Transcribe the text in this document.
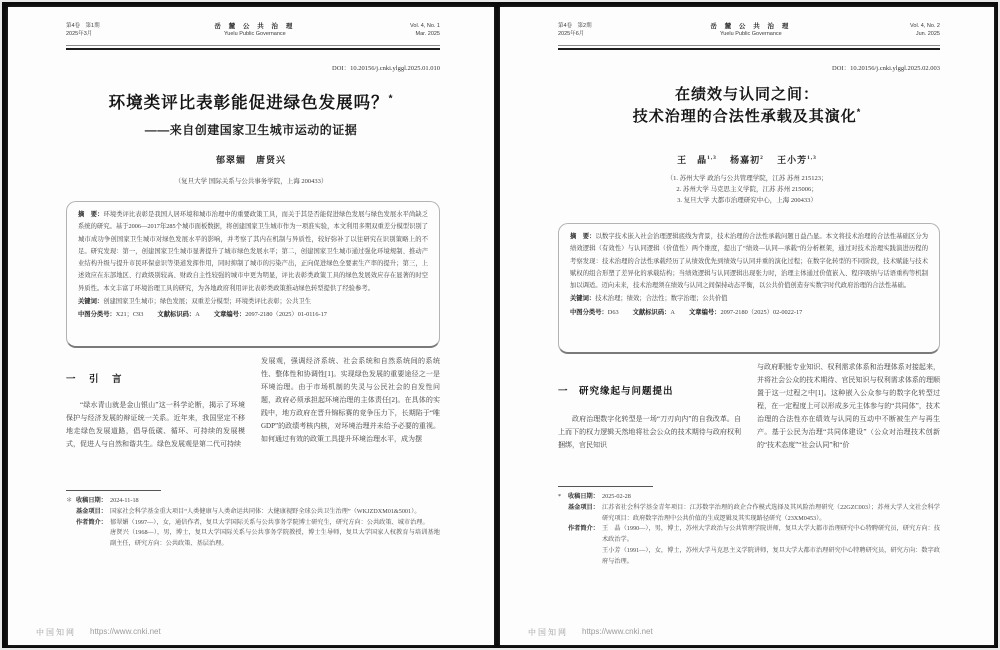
第4卷　第1期
2025年3月
岳 麓 公 共 治 理
Yuelu Public Governance
Vol. 4, No. 1
Mar. 2025
DOI：10.20156/j.cnki.ylggl.2025.01.010
环境类评比表彰能促进绿色发展吗？*
——来自创建国家卫生城市运动的证据
郁翠媚　唐贤兴
（复旦大学 国际关系与公共事务学院，上海 200433）

摘　要：环境类评比表彰是我国人居环境和城市治理中的重要政策工具，而关于其是否能促进绿色发展与绿色发展水平尚缺乏系统的研究。基于2006—2017年285个城市面板数据，将创建国家卫生城市作为一项准实验，本文利用多期双重差分模型识别了城市成功争创国家卫生城市对绿色发展水平的影响，并考察了其内在机制与异质性，较好弥补了以往研究在识别策略上的不足。研究发现：第一，创建国家卫生城市显著提升了城市绿色发展水平；第二，创建国家卫生城市通过强化环境规制、推动产业结构升级与提升市民环保意识等渠道发挥作用，同时抑制了城市的污染产出，正向促进绿色全要素生产率的提升；第三，上述效应在东部地区、行政级别较高、财政自主性较强的城市中更为明显，评比表彰类政策工具的绿色发展效应存在显著的时空异质性。本文丰富了环境治理工具的研究，为各地政府利用评比表彰类政策推动绿色转型提供了经验参考。

关键词：创建国家卫生城市；绿色发展；双重差分模型；环境类评比表彰；公共卫生

中图分类号：X21；C93 文献标识码：A 文章编号：2097-2180（2025）01-0116-17

一　引　言

“绿水青山就是金山银山”这一科学论断，揭示了环境保护与经济发展的辩证统一关系。近年来，我国坚定不移地走绿色发展道路，倡导低碳、循环、可持续的发展模式，促进人与自然和谐共生。绿色发展观是第二代可持续

发展观，强调经济系统、社会系统和自然系统间的系统性、整体性和协调性[1]。实现绿色发展的重要途径之一是环境治理。由于市场机制的失灵与公民社会的自发性问题，政府必须承担起环境治理的主体责任[2]。在具体的实践中，地方政府在晋升锦标赛的竞争压力下，长期陷于“唯GDP”的政绩考核内核，对环境治理并未给予必要的重视。如何通过有效的政策工具提升环境治理水平，成为摆

＊ 收稿日期： 2024-11-18
基金项目： 国家社会科学基金重大项目“人类健康与人类命运共同体：大健康视野全球公共卫生治理”（WKJZDXM01&5001）。
作者简介： 郁翠媚（1997—），女，通信作者，复旦大学国际关系与公共事务学院博士研究生，研究方向：公共政策、城市治理。
唐贤兴（1968—），男，博士，复旦大学国际关系与公共事务学院教授，博士生导师，复旦大学国家人权教育与培训基地副主任，研究方向：公共政策、基层治理。
中国知网 https://www.cnki.net
第4卷　第2期
2025年6月
岳 麓 公 共 治 理
Yuelu Public Governance
Vol. 4, No. 2
Jun. 2025
DOI：10.20156/j.cnki.ylggl.2025.02.003
在绩效与认同之间：
技术治理的合法性承载及其演化*
王　晶$^{1,3}$　 杨嘉初$^2$　 王小芳$^{1,3}$
（1. 苏州大学 政治与公共管理学院，江苏 苏州 215123；
2. 苏州大学 马克思主义学院，江苏 苏州 215006；
3. 复旦大学 大都市治理研究中心，上海 200433）

摘　要：以数字技术嵌入社会治理逻辑底线为背景，技术治理的合法性承载问题日益凸显。本文将技术治理的合法性基础区分为绩效逻辑（有效性）与认同逻辑（价值性）两个维度，提出了“绩效—认同—承载”的分析框架，通过对技术治理实践演进历程的考察发现：技术治理的合法性承载经历了从绩效优先到绩效与认同并重的演化过程；在数字化转型的不同阶段，技术赋能与技术赋权的组合形塑了差异化的承载结构；当绩效逻辑与认同逻辑出现张力时，治理主体通过价值嵌入、程序吸纳与话语重构等机制加以调适。迈向未来，技术治理须在绩效与认同之间保持动态平衡，以公共价值创造夯实数字时代政府治理的合法性基础。

关键词：技术治理；绩效；合法性；数字治理；公共价值

中图分类号：D63 文献标识码：A 文章编号：2097-2180（2025）02-0022-17

一　研究缘起与问题提出

政府治理数字化转型是一场“刀刃向内”的自我改革。自上而下的权力逻辑天然地将社会公众的技术期待与政府权利捆绑，官民知识

与政府职能专业知识、权利需求体系和治理体系对接起来，并将社会公众的技术期待、官民知识与权利需求体系的理顺置于这一过程之中[1]。这种嵌入公众参与的数字化转型过程，在一定程度上可以形成多元主体参与的“共同体”，技术治理的合法性亦在绩效与认同的互动中不断被生产与再生产。基于公民为治理“共同体建设”（公众对治理技术创新的“技术态度”“社会认同”和“价

*	收稿日期： 2025-02-28
基金项目： 江苏省社会科学基金青年项目：江苏数字治理的政企合作模式选择及其风险治理研究（22GZC003）；苏州大学人文社会科学研究项目：政府数字治理中公共价值的生成逻辑及其实现路径研究（23XM0453）。
作者简介： 王　晶（1990—），男，博士，苏州大学政治与公共管理学院讲师，复旦大学大都市治理研究中心特聘研究员，研究方向：技术政治学。
王小芳（1991—），女，博士，苏州大学马克思主义学院讲师，复旦大学大都市治理研究中心特聘研究员，研究方向：数字政府与治理。
中国知网 https://www.cnki.net
